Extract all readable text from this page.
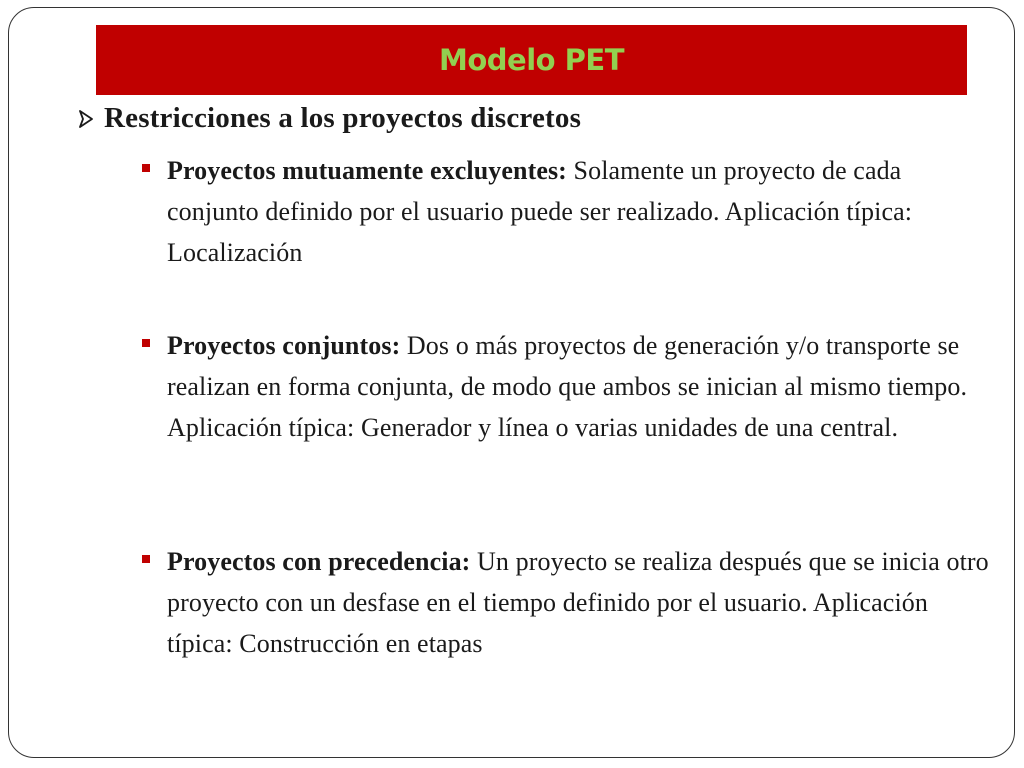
Modelo PET
Restricciones a los proyectos discretos
Proyectos mutuamente excluyentes: Solamente un proyecto de cada conjunto definido por el usuario puede ser realizado. Aplicación típica: Localización
Proyectos conjuntos: Dos o más proyectos de generación y/o transporte se realizan en forma conjunta, de modo que ambos se inician al mismo tiempo. Aplicación típica: Generador y línea o varias unidades de una central.
Proyectos con precedencia: Un proyecto se realiza después que se inicia otro proyecto con un desfase en el tiempo definido por el usuario. Aplicación típica: Construcción en etapas
